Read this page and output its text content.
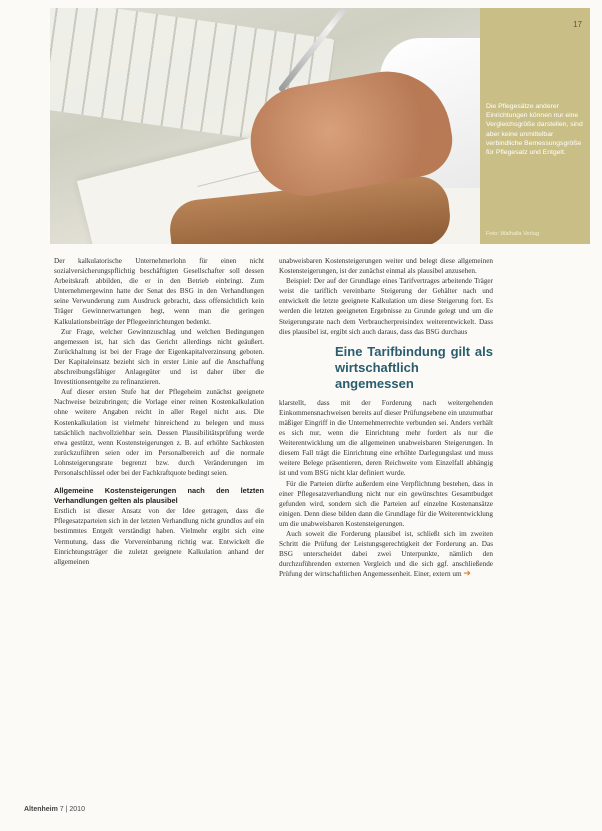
17
Die Pflegesätze anderer Einrichtungen können nur eine Vergleichsgröße darstellen, sind aber keine unmittelbar verbindliche Bemessungsgröße für Pflegesatz und Entgelt.
Foto: Walhalla Verlag

Der kalkulatorische Unternehmerlohn für einen nicht sozialversicherungspflichtig beschäftigten Gesellschafter soll dessen Arbeitskraft abbilden, die er in den Betrieb einbringt. Zum Unternehmergewinn hatte der Senat des BSG in den Verhandlungen seine Verwunderung zum Ausdruck gebracht, dass offensichtlich kein Träger Gewinnerwartungen hegt, wenn man die geringen Kalkulationsbeiträge der Pflegeeinrichtungen bedenkt.

Zur Frage, welcher Gewinnzuschlag und welchen Bedingungen angemessen ist, hat sich das Gericht allerdings nicht geäußert. Zurückhaltung ist bei der Frage der Eigenkapitalverzinsung geboten. Der Kapitaleinsatz bezieht sich in erster Linie auf die Anschaffung abschreibungsfähiger Anlagegüter und ist daher über die Investitionsentgelte zu refinanzieren.

Auf dieser ersten Stufe hat der Pflegeheim zunächst geeignete Nachweise beizubringen; die Vorlage einer reinen Kostenkalkulation ohne weitere Angaben reicht in aller Regel nicht aus. Die Kostenkalkulation ist vielmehr hinreichend zu belegen und muss tatsächlich nachvollziehbar sein. Dessen Plausibilitätsprüfung werde etwa gestützt, wenn Kostensteigerungen z. B. auf erhöhte Sachkosten zurückzuführen seien oder im Personalbereich auf die normale Lohnsteigerungsrate begrenzt bzw. durch Veränderungen im Personalschlüssel oder bei der Fachkraftquote bedingt seien.

Allgemeine Kostensteigerungen nach den letzten Verhandlungen gelten als plausibel

Erstlich ist dieser Ansatz von der Idee getragen, dass die Pflegesatzparteien sich in der letzten Verhandlung nicht grundlos auf ein bestimmtes Entgelt verständigt haben. Vielmehr ergibt sich eine Vermutung, dass die Vorvereinbarung richtig war. Entwickelt die Einrichtungsträger die zuletzt geeignete Kalkulation anhand der allgemeinen

unabweisbaren Kostensteigerungen weiter und belegt diese allgemeinen Kostensteigerungen, ist der zunächst einmal als plausibel anzusehen.

Beispiel: Der auf der Grundlage eines Tarifvertrages arbeitende Träger weist die tariflich vereinbarte Steigerung der Gehälter nach und entwickelt die letzte geeignete Kalkulation um diese Steigerung fort. Es werden die letzten geeigneten Ergebnisse zu Grunde gelegt und um die Steigerungsrate nach dem Verbraucherpreisindex weiterentwickelt. Dass dies plausibel ist, ergibt sich auch daraus, dass das BSG durchaus

Eine Tarifbindung gilt als wirtschaftlich angemessen

klarstellt, dass mit der Forderung nach weitergehenden Einkommensnachweisen bereits auf dieser Prüfungsebene ein unzumutbar mäßiger Eingriff in die Unternehmerrechte verbunden sei. Anders verhält es sich nur, wenn die Einrichtung mehr fordert als nur die Weiterentwicklung um die allgemeinen unabweisbaren Steigerungen. In diesem Fall trägt die Einrichtung eine erhöhte Darlegungslast und muss weitere Belege präsentieren, deren Reichweite vom Einzelfall abhängig ist und vom BSG nicht klar definiert wurde.

Für die Parteien dürfte außerdem eine Verpflichtung bestehen, dass in einer Pflegesatzverhandlung nicht nur ein gewünschtes Gesamtbudget gefunden wird, sondern sich die Parteien auf einzelne Kostenansätze einigen. Denn diese bilden dann die Grundlage für die Weiterentwicklung um die unabweisbaren Kostensteigerungen.

Auch soweit die Forderung plausibel ist, schließt sich im zweiten Schritt die Prüfung der Leistungsgerechtigkeit der Forderung an. Das BSG unterscheidet dabei zwei Unterpunkte, nämlich den durchzuführenden externen Vergleich und die sich ggf. anschließende Prüfung der wirtschaftlichen Angemessenheit. Einer, extern um ➔

Altenheim 7 | 2010
